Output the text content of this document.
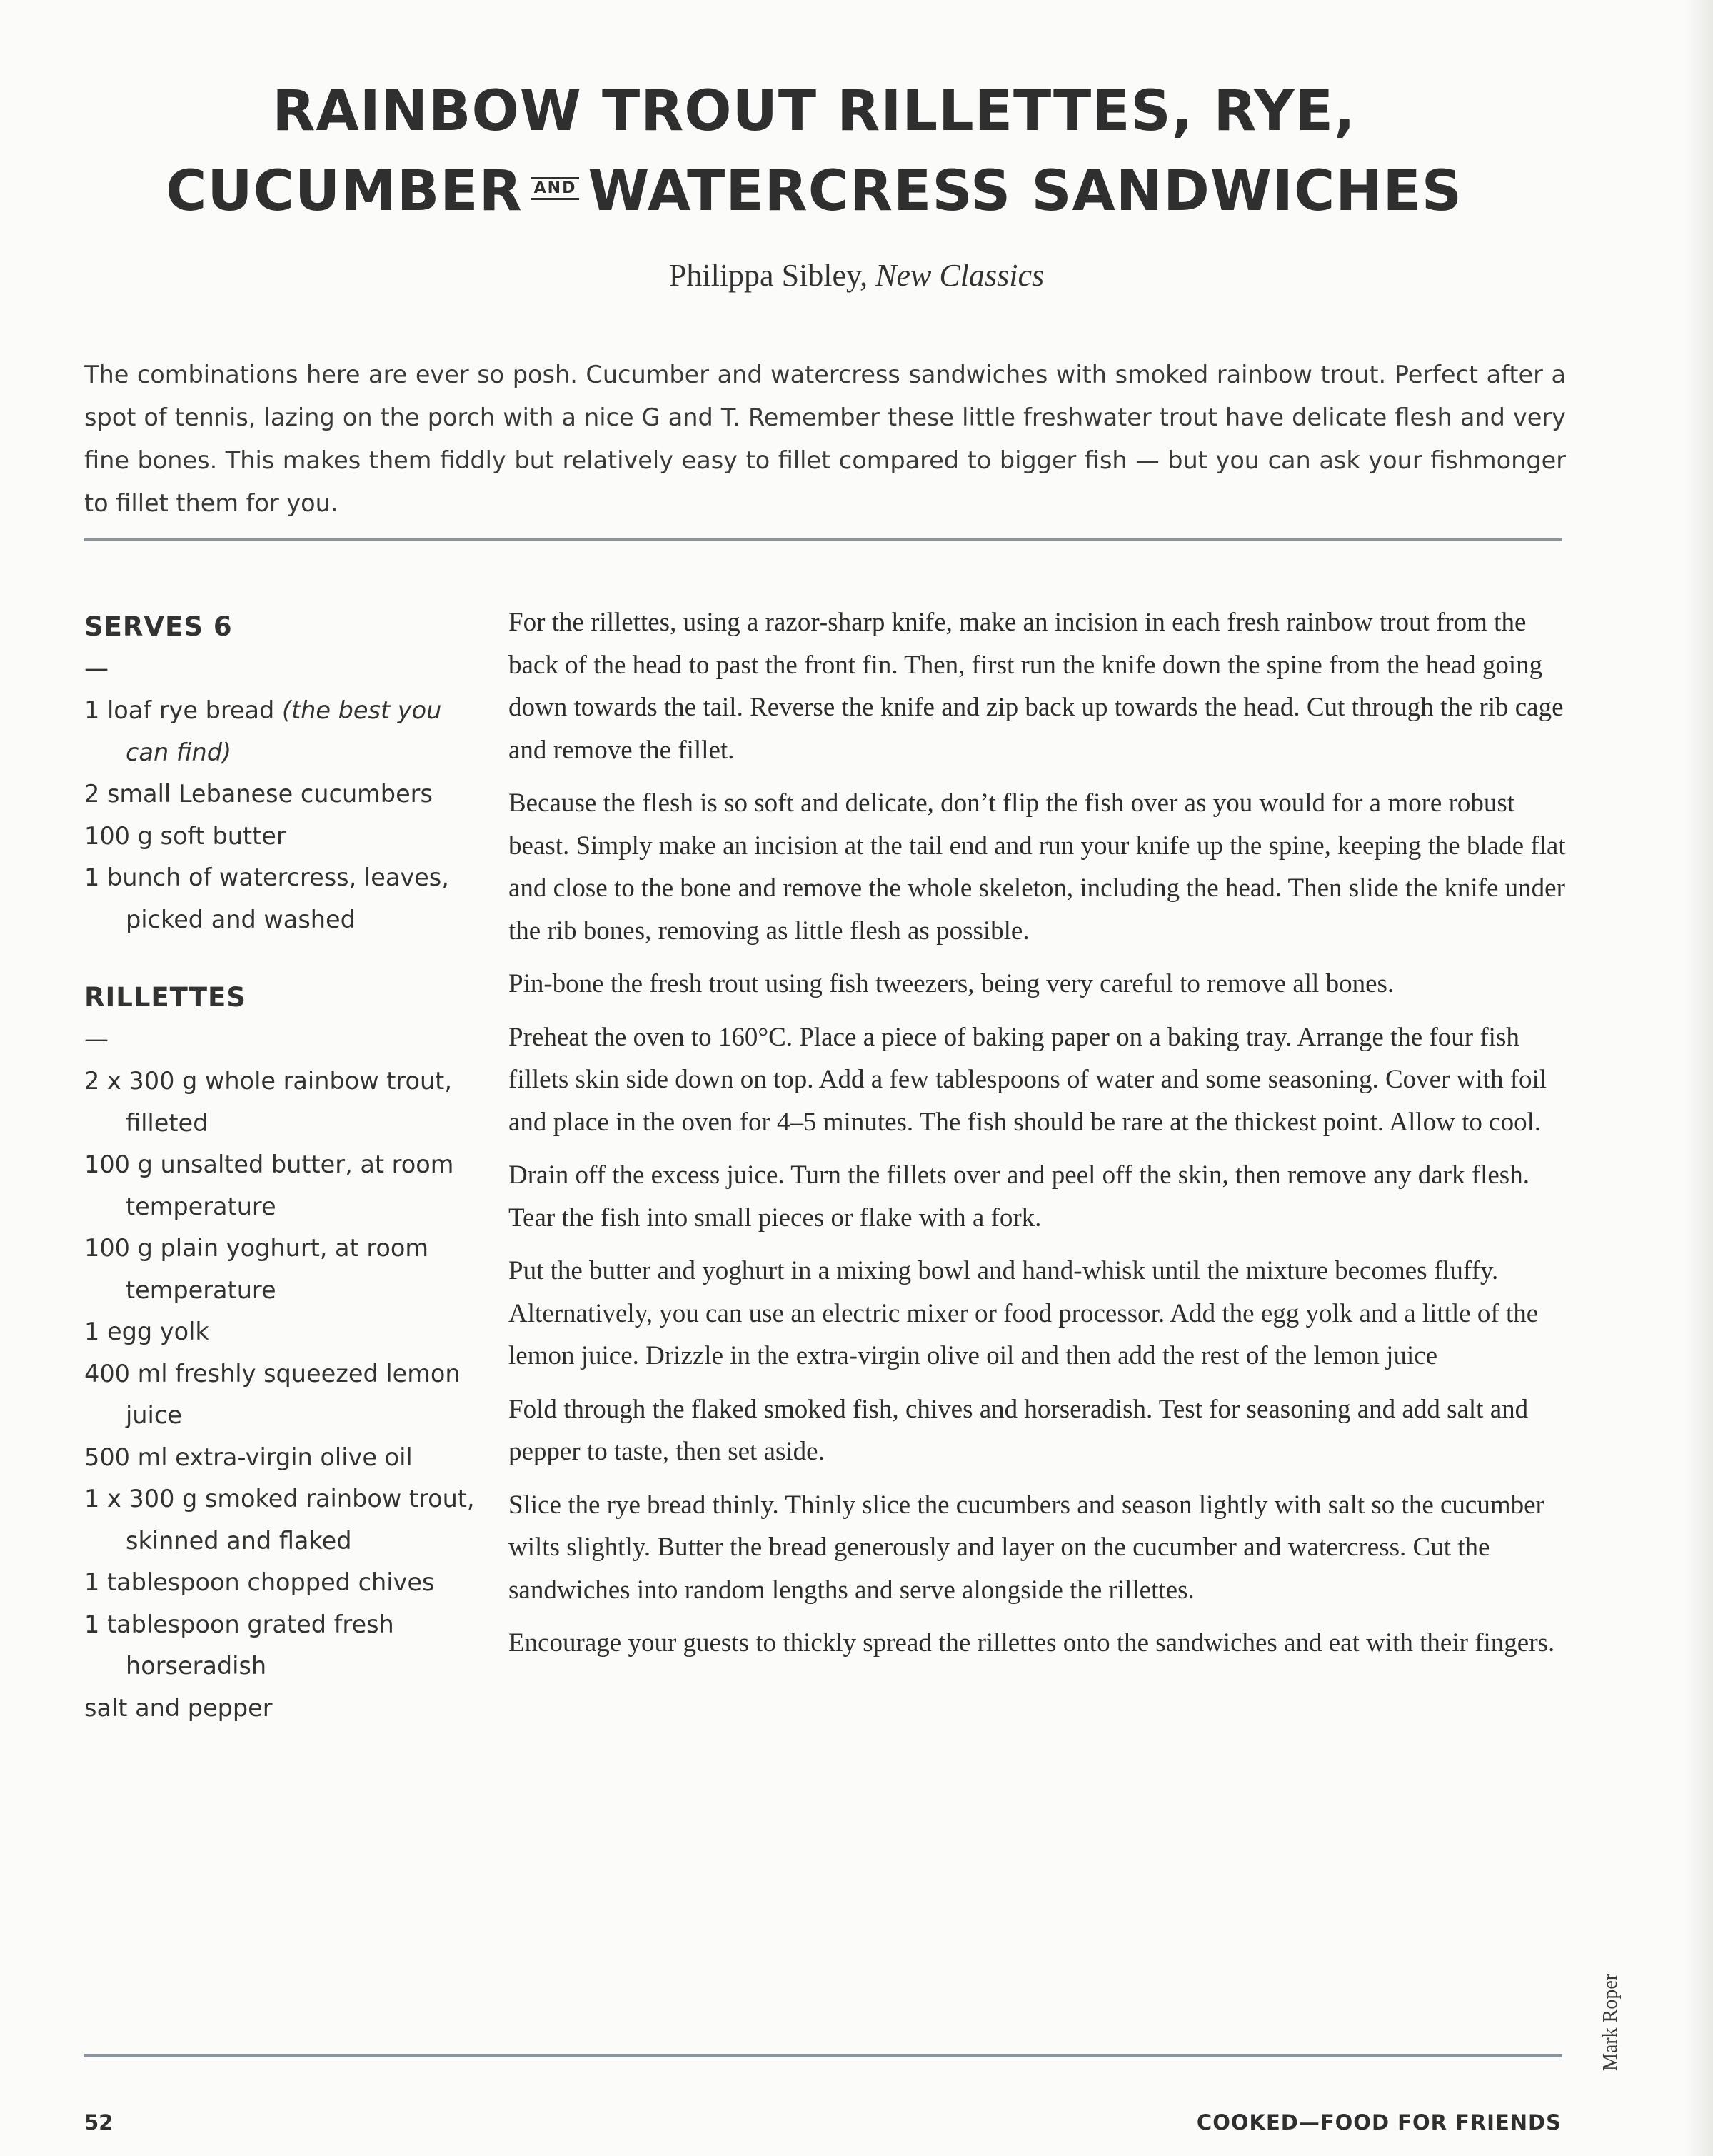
RAINBOW TROUT RILLETTES, RYE,
CUCUMBER AND WATERCRESS SANDWICHES
Philippa Sibley, New Classics

The combinations here are ever so posh. Cucumber and watercress sandwiches with smoked rainbow trout. Perfect after a spot of tennis, lazing on the porch with a nice G and T. Remember these little freshwater trout have delicate flesh and very fine bones. This makes them fiddly but relatively easy to fillet compared to bigger fish — but you can ask your fishmonger to fillet them for you.

SERVES 6
—
1 loaf rye bread (the best you can find)
2 small Lebanese cucumbers
100 g soft butter
1 bunch of watercress, leaves, picked and washed
RILLETTES
—
2 x 300 g whole rainbow trout, filleted
100 g unsalted butter, at room temperature
100 g plain yoghurt, at room temperature
1 egg yolk
400 ml freshly squeezed lemon juice
500 ml extra-virgin olive oil
1 x 300 g smoked rainbow trout, skinned and flaked
1 tablespoon chopped chives
1 tablespoon grated fresh horseradish
salt and pepper

For the rillettes, using a razor-sharp knife, make an incision in each fresh rainbow trout from the back of the head to past the front fin. Then, first run the knife down the spine from the head going down towards the tail. Reverse the knife and zip back up towards the head. Cut through the rib cage and remove the fillet.

Because the flesh is so soft and delicate, don’t flip the fish over as you would for a more robust beast. Simply make an incision at the tail end and run your knife up the spine, keeping the blade flat and close to the bone and remove the whole skeleton, including the head. Then slide the knife under the rib bones, removing as little flesh as possible.

Pin-bone the fresh trout using fish tweezers, being very careful to remove all bones.

Preheat the oven to 160°C. Place a piece of baking paper on a baking tray. Arrange the four fish fillets skin side down on top. Add a few tablespoons of water and some seasoning. Cover with foil and place in the oven for 4–5 minutes. The fish should be rare at the thickest point. Allow to cool.

Drain off the excess juice. Turn the fillets over and peel off the skin, then remove any dark flesh. Tear the fish into small pieces or flake with a fork.

Put the butter and yoghurt in a mixing bowl and hand-whisk until the mixture becomes fluffy. Alternatively, you can use an electric mixer or food processor. Add the egg yolk and a little of the lemon juice. Drizzle in the extra-virgin olive oil and then add the rest of the lemon juice

Fold through the flaked smoked fish, chives and horseradish. Test for seasoning and add salt and pepper to taste, then set aside.

Slice the rye bread thinly. Thinly slice the cucumbers and season lightly with salt so the cucumber wilts slightly. Butter the bread generously and layer on the cucumber and watercress. Cut the sandwiches into random lengths and serve alongside the rillettes.

Encourage your guests to thickly spread the rillettes onto the sandwiches and eat with their fingers.

Mark Roper
52	COOKED—FOOD FOR FRIENDS
